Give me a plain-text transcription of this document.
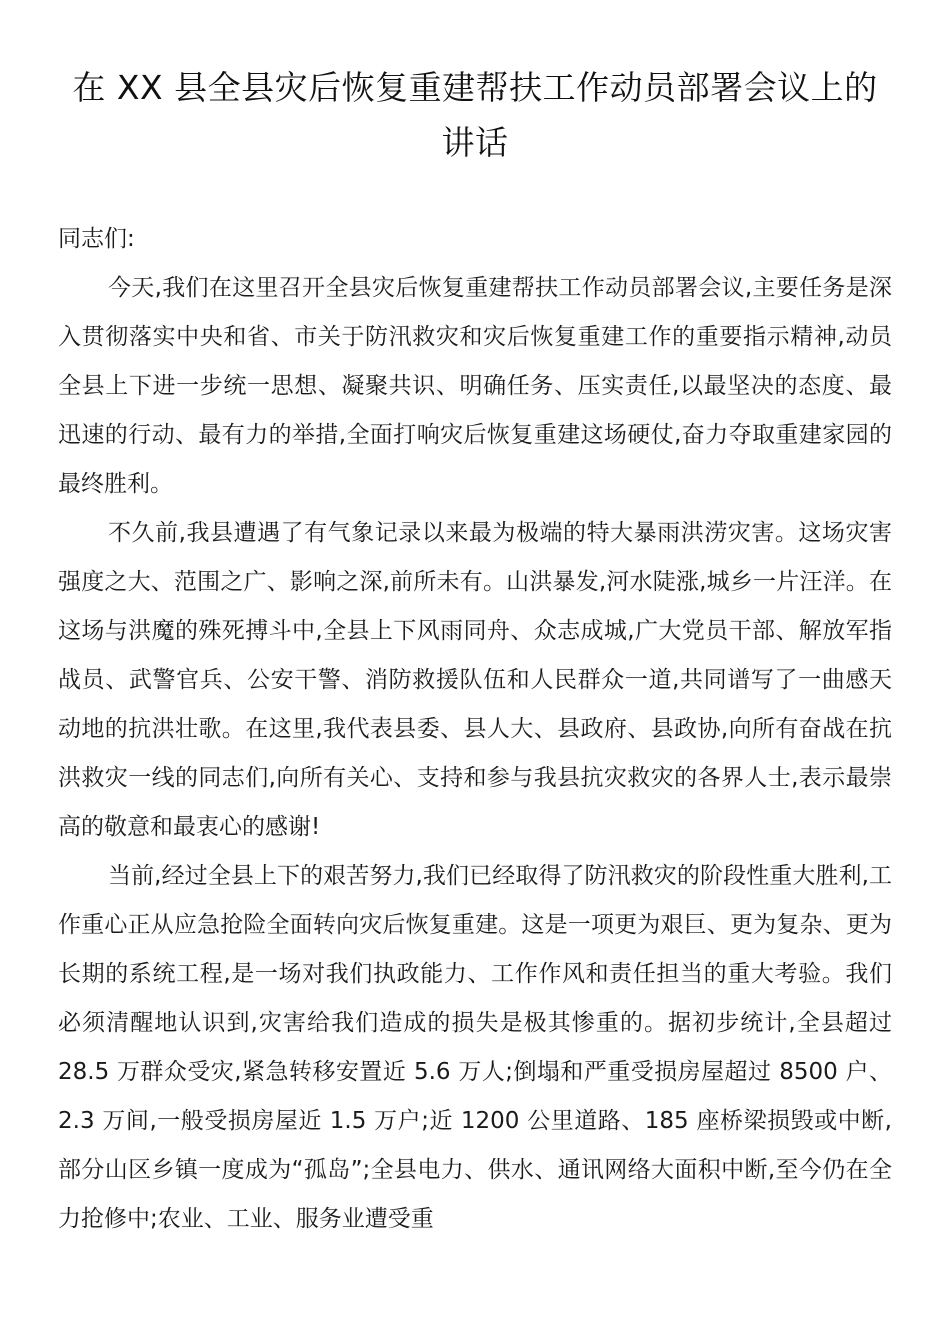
在 XX 县全县灾后恢复重建帮扶工作动员部署会议上的讲话

同志们:

今天,我们在这里召开全县灾后恢复重建帮扶工作动员部署会议,主要任务是深入贯彻落实中央和省、市关于防汛救灾和灾后恢复重建工作的重要指示精神,动员全县上下进一步统一思想、凝聚共识、明确任务、压实责任,以最坚决的态度、最迅速的行动、最有力的举措,全面打响灾后恢复重建这场硬仗,奋力夺取重建家园的最终胜利。

不久前,我县遭遇了有气象记录以来最为极端的特大暴雨洪涝灾害。这场灾害强度之大、范围之广、影响之深,前所未有。山洪暴发,河水陡涨,城乡一片汪洋。在这场与洪魔的殊死搏斗中,全县上下风雨同舟、众志成城,广大党员干部、解放军指战员、武警官兵、公安干警、消防救援队伍和人民群众一道,共同谱写了一曲感天动地的抗洪壮歌。在这里,我代表县委、县人大、县政府、县政协,向所有奋战在抗洪救灾一线的同志们,向所有关心、支持和参与我县抗灾救灾的各界人士,表示最崇高的敬意和最衷心的感谢!

当前,经过全县上下的艰苦努力,我们已经取得了防汛救灾的阶段性重大胜利,工作重心正从应急抢险全面转向灾后恢复重建。这是一项更为艰巨、更为复杂、更为长期的系统工程,是一场对我们执政能力、工作作风和责任担当的重大考验。我们必须清醒地认识到,灾害给我们造成的损失是极其惨重的。据初步统计,全县超过 28.5 万群众受灾,紧急转移安置近 5.6 万人;倒塌和严重受损房屋超过 8500 户、2.3 万间,一般受损房屋近 1.5 万户;近 1200 公里道路、185 座桥梁损毁或中断,部分山区乡镇一度成为“孤岛”;全县电力、供水、通讯网络大面积中断,至今仍在全力抢修中;农业、工业、服务业遭受重
